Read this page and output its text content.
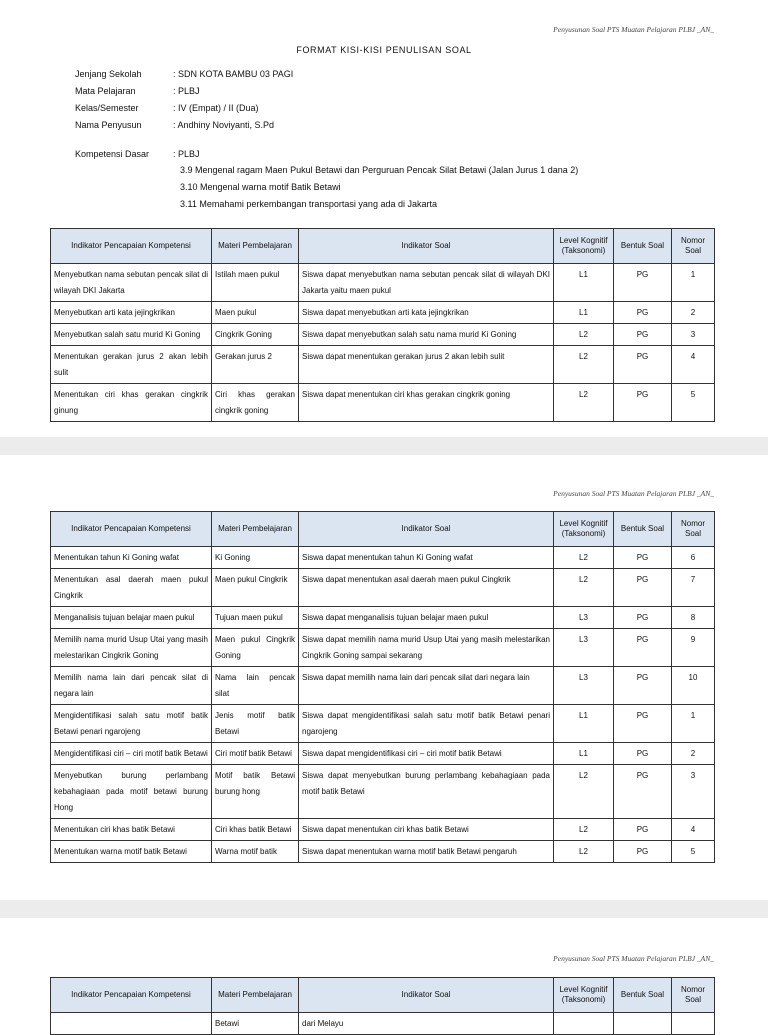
Penyusunan Soal PTS Muatan Pelajaran PLBJ _AN_
FORMAT KISI-KISI PENULISAN SOAL
Jenjang Sekolah	: SDN KOTA BAMBU 03 PAGI
Mata Pelajaran	: PLBJ
Kelas/Semester	: IV (Empat) / II (Dua)
Nama Penyusun	: Andhiny Noviyanti, S.Pd
Kompetensi Dasar	: PLBJ
3.9 Mengenal ragam Maen Pukul Betawi dan Perguruan Pencak Silat Betawi (Jalan Jurus 1 dana 2)
3.10 Mengenal warna motif Batik Betawi
3.11 Memahami perkembangan transportasi yang ada di Jakarta
Indikator Pencapaian Kompetensi	Materi Pembelajaran	Indikator Soal	Level Kognitif (Taksonomi)	Bentuk Soal	Nomor Soal
Menyebutkan nama sebutan pencak silat di wilayah DKI Jakarta	Istilah maen pukul	Siswa dapat menyebutkan nama sebutan pencak silat di wilayah DKI Jakarta yaitu maen pukul	L1	PG	1
Menyebutkan arti kata jejingkrikan	Maen pukul	Siswa dapat menyebutkan arti kata jejingkrikan	L1	PG	2
Menyebutkan salah satu murid Ki Goning	Cingkrik Goning	Siswa dapat menyebutkan salah satu nama murid Ki Goning	L2	PG	3
Menentukan gerakan jurus 2 akan lebih sulit	Gerakan jurus 2	Siswa dapat menentukan gerakan jurus 2 akan lebih sulit	L2	PG	4
Menentukan ciri khas gerakan cingkrik ginung	Ciri khas gerakan cingkrik goning	Siswa dapat menentukan ciri khas gerakan cingkrik goning	L2	PG	5
Penyusunan Soal PTS Muatan Pelajaran PLBJ _AN_
Indikator Pencapaian Kompetensi	Materi Pembelajaran	Indikator Soal	Level Kognitif (Taksonomi)	Bentuk Soal	Nomor Soal
Menentukan tahun Ki Goning wafat	Ki Goning	Siswa dapat menentukan tahun Ki Goning wafat	L2	PG	6
Menentukan asal daerah maen pukul Cingkrik	Maen pukul Cingkrik	Siswa dapat menentukan asal daerah maen pukul Cingkrik	L2	PG	7
Menganalisis tujuan belajar maen pukul	Tujuan maen pukul	Siswa dapat menganalisis tujuan belajar maen pukul	L3	PG	8
Memilih nama murid Usup Utai yang masih melestarikan Cingkrik Goning	Maen pukul Cingkrik Goning	Siswa dapat memilih nama murid Usup Utai yang masih melestarikan Cingkrik Goning sampai sekarang	L3	PG	9
Memilih nama lain dari pencak silat di negara lain	Nama lain pencak silat	Siswa dapat memilih nama lain dari pencak silat dari negara lain	L3	PG	10
Mengidentifikasi salah satu motif batik Betawi penari ngarojeng	Jenis motif batik Betawi	Siswa dapat mengidentifikasi salah satu motif batik Betawi penari ngarojeng	L1	PG	1
Mengidentifikasi ciri – ciri motif batik Betawi	Ciri motif batik Betawi	Siswa dapat mengidentifikasi ciri – ciri motif batik Betawi	L1	PG	2
Menyebutkan burung perlambang kebahagiaan pada motif betawi burung Hong	Motif batik Betawi burung hong	Siswa dapat menyebutkan burung perlambang kebahagiaan pada motif batik Betawi	L2	PG	3
Menentukan ciri khas batik Betawi	Ciri khas batik Betawi	Siswa dapat menentukan ciri khas batik Betawi	L2	PG	4
Menentukan warna motif batik Betawi	Warna motif batik	Siswa dapat menentukan warna motif batik Betawi pengaruh	L2	PG	5
Penyusunan Soal PTS Muatan Pelajaran PLBJ _AN_
Indikator Pencapaian Kompetensi	Materi Pembelajaran	Indikator Soal	Level Kognitif (Taksonomi)	Bentuk Soal	Nomor Soal
	Betawi	dari Melayu			
